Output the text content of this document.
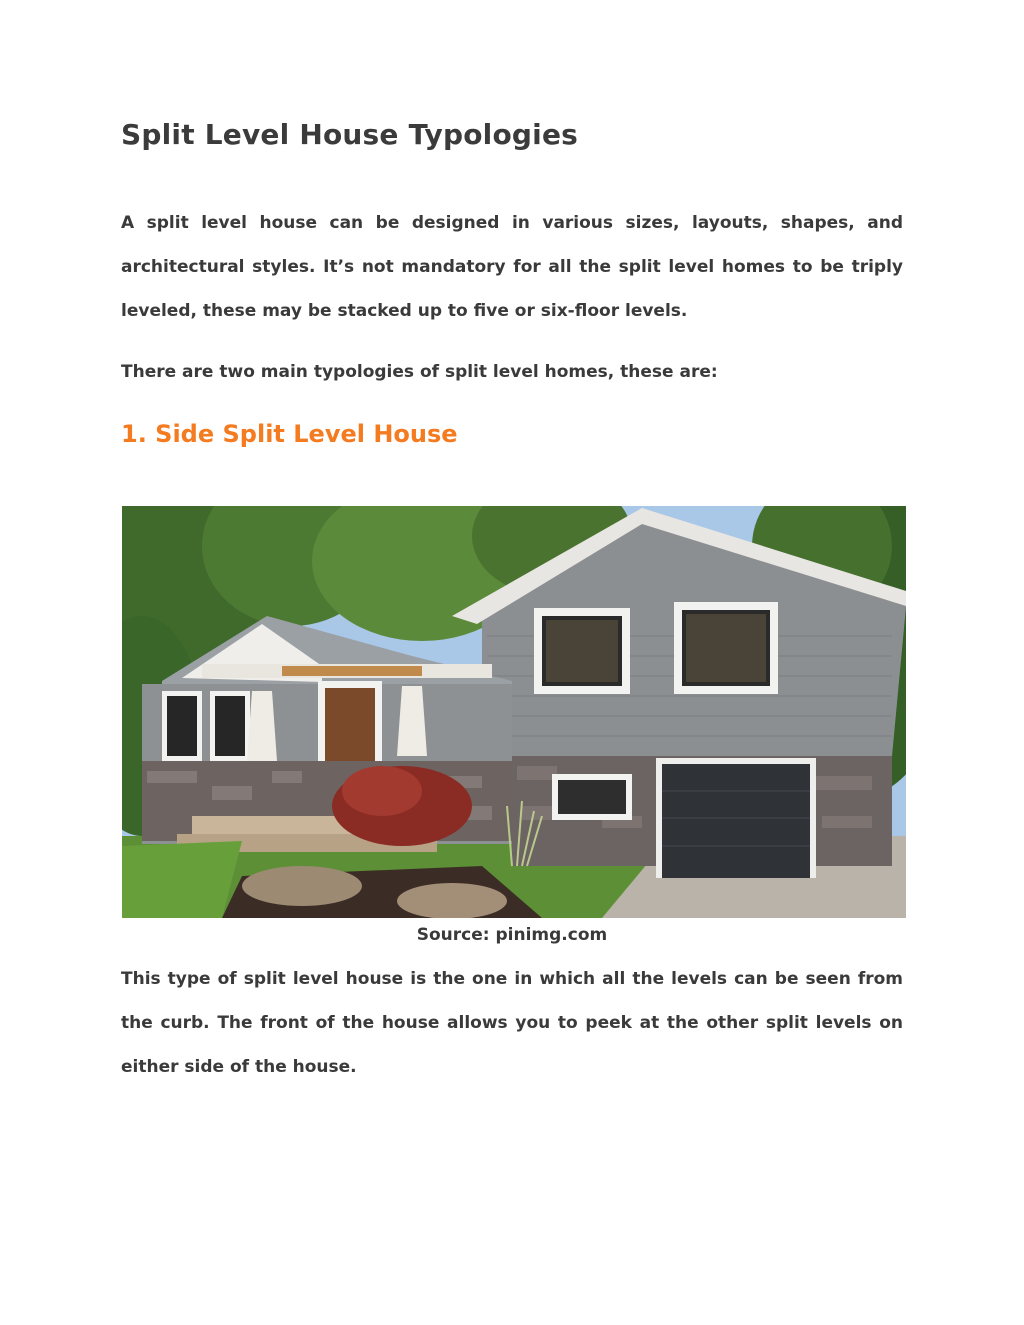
Split Level House Typologies

A split level house can be designed in various sizes, layouts, shapes, and architectural styles. It’s not mandatory for all the split level homes to be triply leveled, these may be stacked up to five or six-floor levels.

There are two main typologies of split level homes, these are:

1. Side Split Level House

Source: pinimg.com

This type of split level house is the one in which all the levels can be seen from the curb. The front of the house allows you to peek at the other split levels on either side of the house.
